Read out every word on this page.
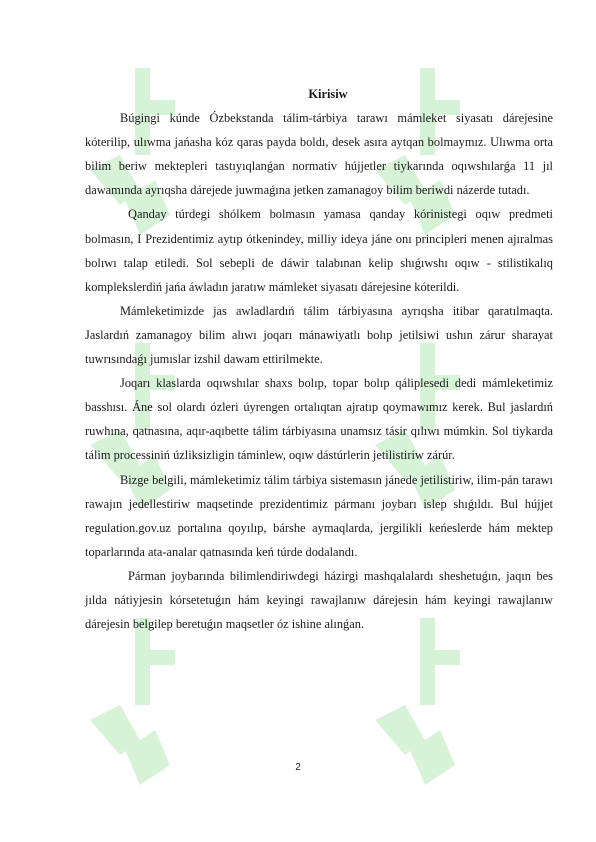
Kirisiw

Búgingi kúnde Ózbekstanda tálim-tárbiya tarawı mámleket siyasatı dárejesine kóterilip, ulıwma jańasha kóz qaras payda boldı, desek asıra aytqan bolmaymız. Ulıwma orta bilim beriw mektepleri tastıyıqlanǵan normativ hújjetler tiykarında oqıwshılarǵa 11 jıl dawamında ayrıqsha dárejede juwmaǵına jetken zamanagoy bilim beriwdi názerde tutadı.

Qanday túrdegi shólkem bolmasın yamasa qanday kórinistegi oqıw predmeti bolmasın, I Prezidentimiz aytıp ótkenindey, milliy ideya jáne onı principleri menen ajıralmas bolıwı talap etiledi. Sol sebepli de dáwir talabınan kelip shıǵıwshı oqıw - stilistikalıq komplekslerdiń jańa áwladın jaratıw mámleket siyasatı dárejesine kóterildi.

Mámleketimizde jas awladlardıń tálim tárbiyasına ayrıqsha itibar qaratılmaqta. Jaslardıń zamanagoy bilim alıwı joqarı mánawiyatlı bolıp jetilsiwi ushın zárur sharayat tuwrısındaǵı jumıslar izshil dawam ettirilmekte.

Joqarı klaslarda oqıwshılar shaxs bolıp, topar bolıp qáliplesedi dedi mámleketimiz basshısı. Áne sol olardı ózleri úyrengen ortalıqtan ajratıp qoymawımız kerek. Bul jaslardıń ruwhına, qatnasına, aqır-aqıbette tálim tárbiyasına unamsız tásir qılıwı múmkin. Sol tiykarda tálim processiniń úzliksizligin táminlew, oqıw dástúrlerin jetilistiriw zárúr.

Bizge belgili, mámleketimiz tálim tárbiya sistemasın jánede jetilistiriw, ilim-pán tarawı rawajın jedellestiriw maqsetinde prezidentimiz pármanı joybarı islep shıǵıldı. Bul hújjet regulation.gov.uz portalına qoyılıp, bárshe aymaqlarda, jergilikli keńeslerde hám mektep toparlarında ata-analar qatnasında keń túrde dodalandı.

Párman joybarında bilimlendiriwdegi házirgi mashqalalardı sheshetuǵın, jaqın bes jılda nátiyjesin kórsetetuǵın hám keyingi rawajlanıw dárejesin hám keyingi rawajlanıw dárejesin belgilep beretuǵın maqsetler óz ishine alınǵan.

2
